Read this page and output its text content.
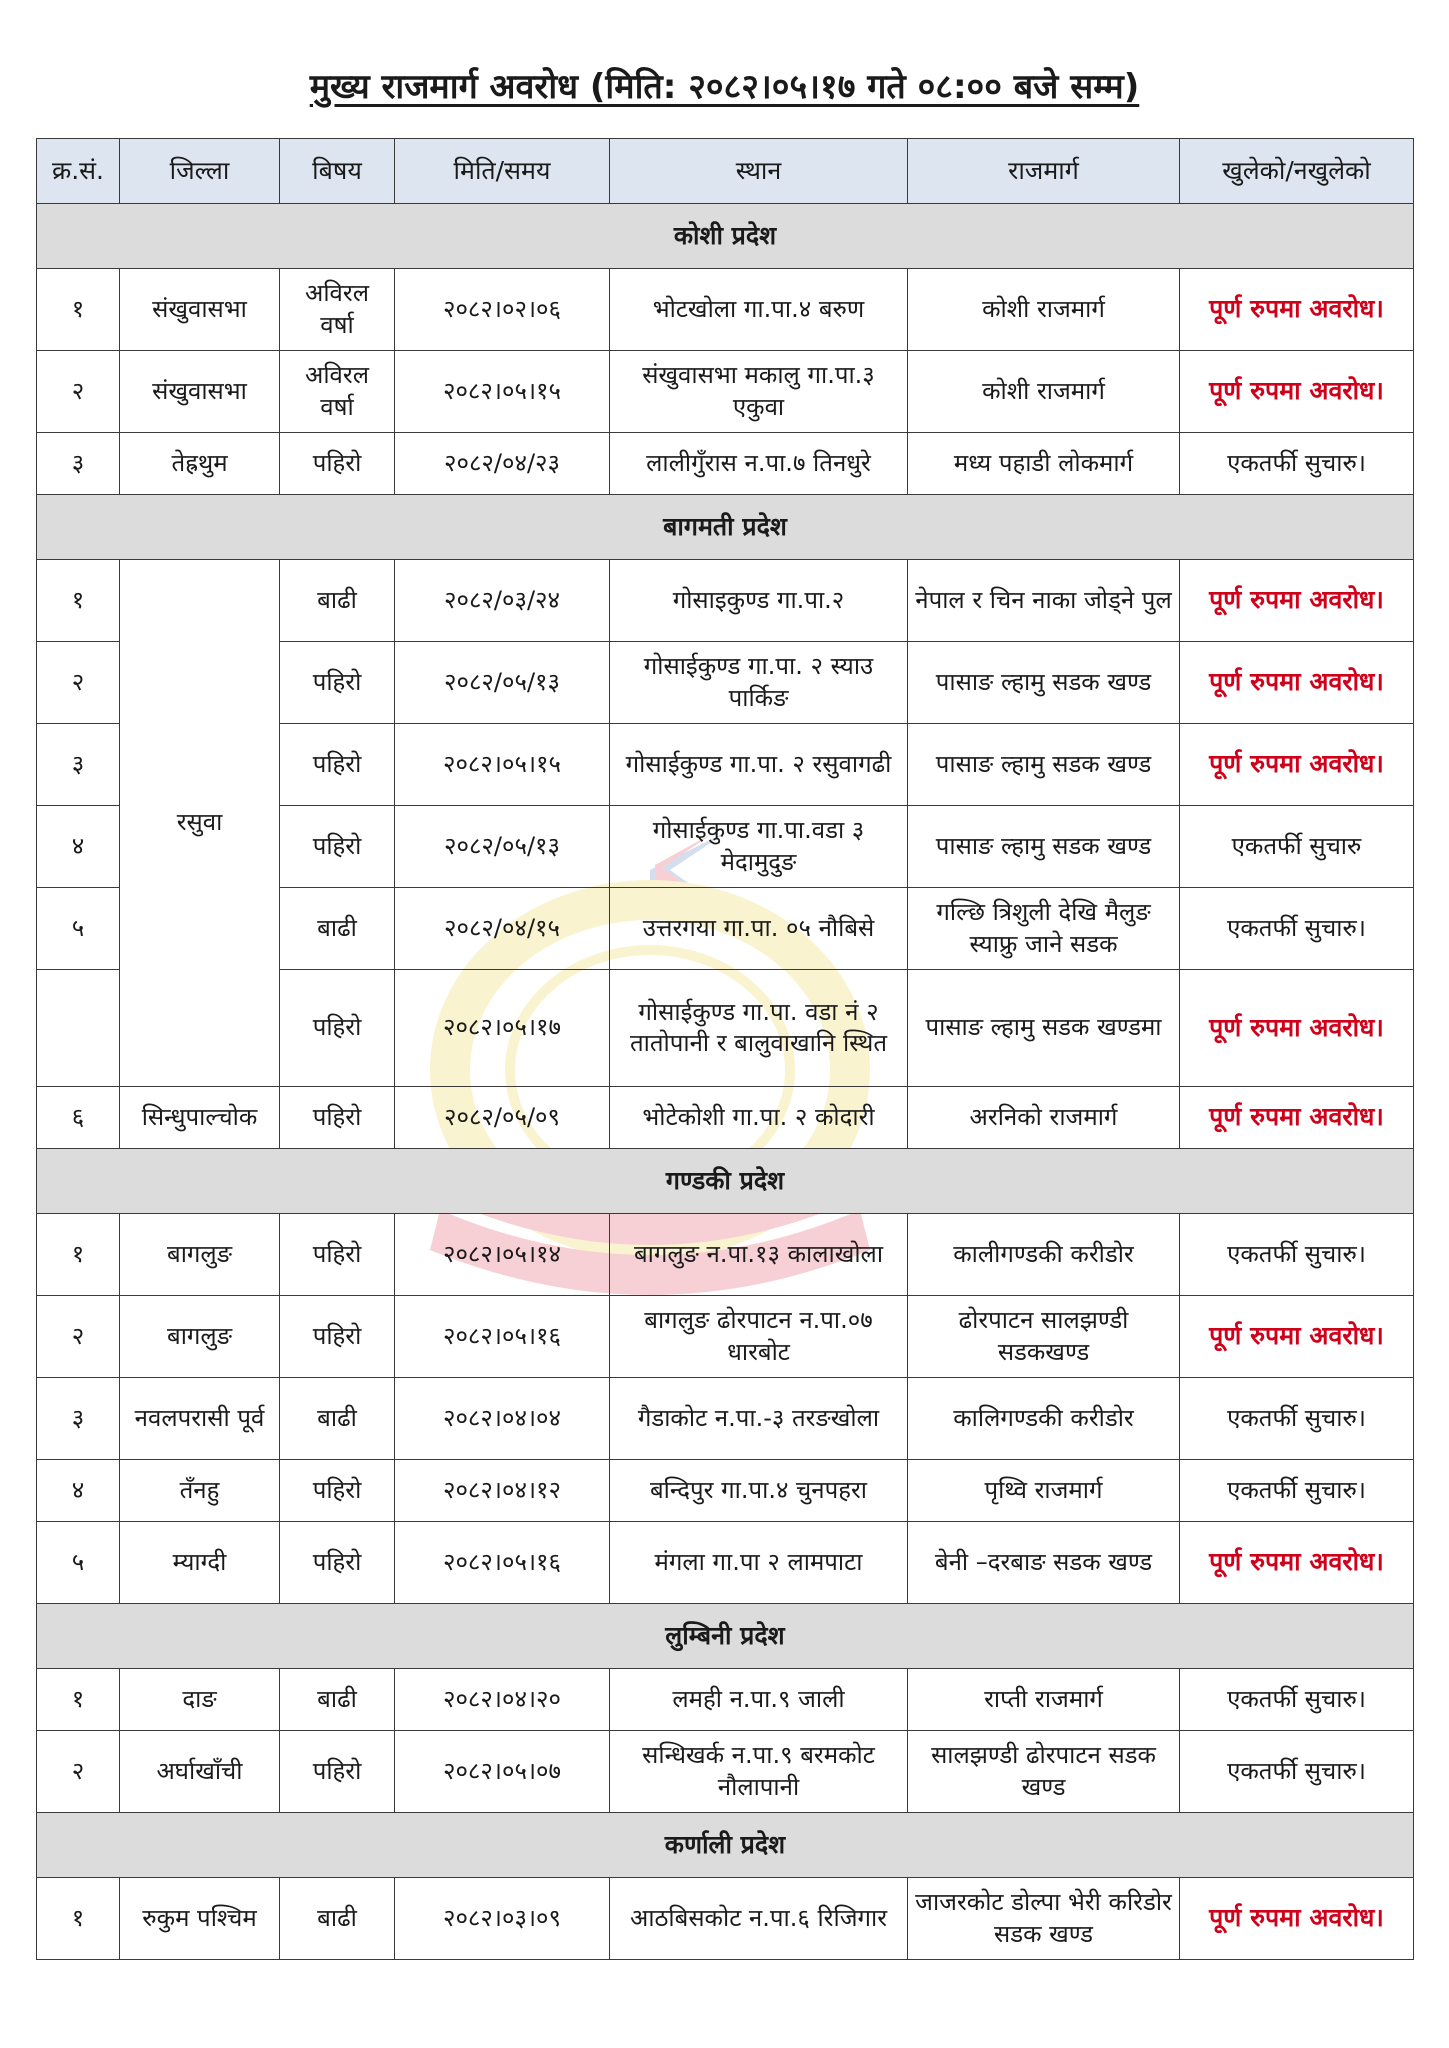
मुख्य राजमार्ग अवरोध (मिति: २०८२।०५।१७ गते ०८:०० बजे सम्म)
क्र.सं.	जिल्ला	बिषय	मिति/समय	स्थान	राजमार्ग	खुलेको/नखुलेको
कोशी प्रदेश						
१	संखुवासभा	अविरल वर्षा	२०८२।०२।०६	भोटखोला गा.पा.४ बरुण	कोशी राजमार्ग	पूर्ण रुपमा अवरोध।
२	संखुवासभा	अविरल वर्षा	२०८२।०५।१५	संखुवासभा मकालु गा.पा.३ एकुवा	कोशी राजमार्ग	पूर्ण रुपमा अवरोध।
३	तेह्रथुम	पहिरो	२०८२/०४/२३	लालीगुँरास न.पा.७ तिनधुरे	मध्य पहाडी लोकमार्ग	एकतर्फी सुचारु।
बागमती प्रदेश						
१	रसुवा	बाढी	२०८२/०३/२४	गोसाइकुण्ड गा.पा.२	नेपाल र चिन नाका जोड्ने पुल	पूर्ण रुपमा अवरोध।
२		पहिरो	२०८२/०५/१३	गोसाईकुण्ड गा.पा. २ स्याउ पार्किङ	पासाङ ल्हामु सडक खण्ड	पूर्ण रुपमा अवरोध।
३		पहिरो	२०८२।०५।१५	गोसाईकुण्ड गा.पा. २ रसुवागढी	पासाङ ल्हामु सडक खण्ड	पूर्ण रुपमा अवरोध।
४		पहिरो	२०८२/०५/१३	गोसाईकुण्ड गा.पा.वडा ३ मेदामुदुङ	पासाङ ल्हामु सडक खण्ड	एकतर्फी सुचारु
५		बाढी	२०८२/०४/१५	उत्तरगया गा.पा. ०५ नौबिसे	गल्छि त्रिशुली देखि मैलुङ स्याफ्रु जाने सडक	एकतर्फी सुचारु।
		पहिरो	२०८२।०५।१७	गोसाईकुण्ड गा.पा. वडा नं २ तातोपानी र बालुवाखानि स्थित	पासाङ ल्हामु सडक खण्डमा	पूर्ण रुपमा अवरोध।
६	सिन्धुपाल्चोक	पहिरो	२०८२/०५/०९	भोटेकोशी गा.पा. २ कोदारी	अरनिको राजमार्ग	पूर्ण रुपमा अवरोध।
गण्डकी प्रदेश						
१	बागलुङ	पहिरो	२०८२।०५।१४	बागलुङ न.पा.१३ कालाखोला	कालीगण्डकी करीडोर	एकतर्फी सुचारु।
२	बागलुङ	पहिरो	२०८२।०५।१६	बागलुङ ढोरपाटन न.पा.०७ धारबोट	ढोरपाटन सालझण्डी सडकखण्ड	पूर्ण रुपमा अवरोध।
३	नवलपरासी पूर्व	बाढी	२०८२।०४।०४	गैडाकोट न.पा.-३ तरङखोला	कालिगण्डकी करीडोर	एकतर्फी सुचारु।
४	तँनहु	पहिरो	२०८२।०४।१२	बन्दिपुर गा.पा.४ चुनपहरा	पृथ्वि राजमार्ग	एकतर्फी सुचारु।
५	म्याग्दी	पहिरो	२०८२।०५।१६	मंगला गा.पा २ लामपाटा	बेनी –दरबाङ सडक खण्ड	पूर्ण रुपमा अवरोध।
लुम्बिनी प्रदेश						
१	दाङ	बाढी	२०८२।०४।२०	लमही न.पा.९ जाली	राप्ती राजमार्ग	एकतर्फी सुचारु।
२	अर्घाखाँची	पहिरो	२०८२।०५।०७	सन्धिखर्क न.पा.९ बरमकोट नौलापानी	सालझण्डी ढोरपाटन सडक खण्ड	एकतर्फी सुचारु।
कर्णाली प्रदेश						
१	रुकुम पश्चिम	बाढी	२०८२।०३।०९	आठबिसकोट न.पा.६ रिजिगार	जाजरकोट डोल्पा भेरी करिडोर सडक खण्ड	पूर्ण रुपमा अवरोध।
